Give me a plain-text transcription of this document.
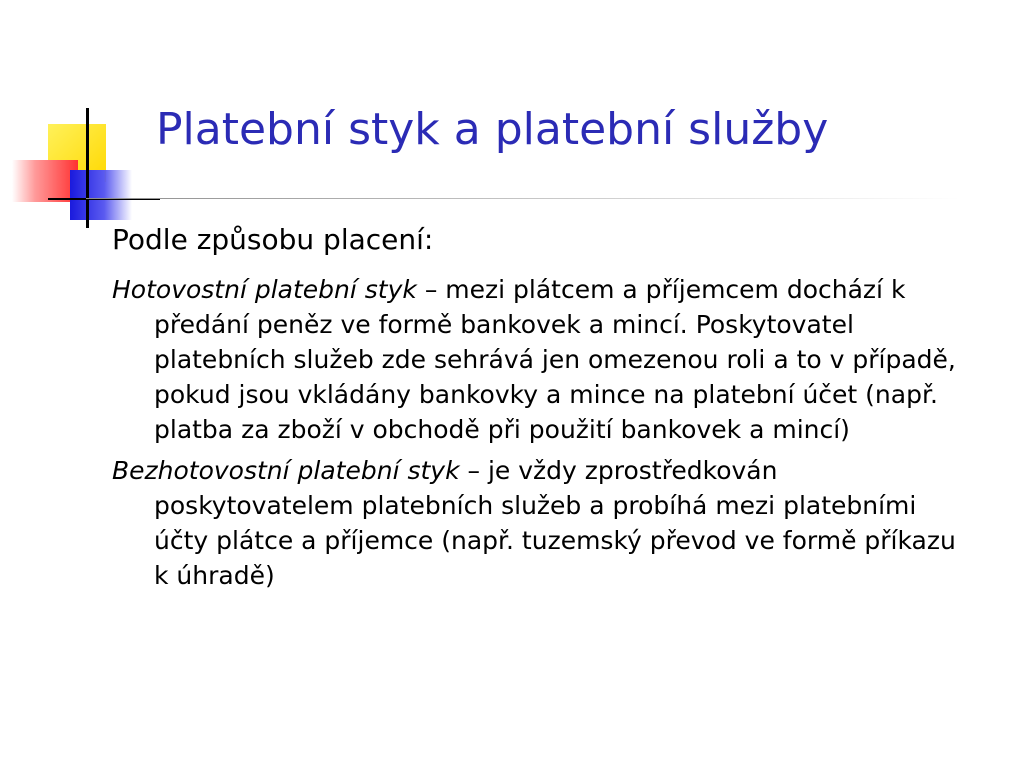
Platební styk a platební služby

Podle způsobu placení:

Hotovostní platební styk – mezi plátcem a příjemcem dochází k předání peněz ve formě bankovek a mincí. Poskytovatel platebních služeb zde sehrává jen omezenou roli a to v případě, pokud jsou vkládány bankovky a mince na platební účet (např. platba za zboží v obchodě při použití bankovek a mincí)

Bezhotovostní platební styk – je vždy zprostředkován poskytovatelem platebních služeb a probíhá mezi platebními účty plátce a příjemce (např. tuzemský převod ve formě příkazu k úhradě)
